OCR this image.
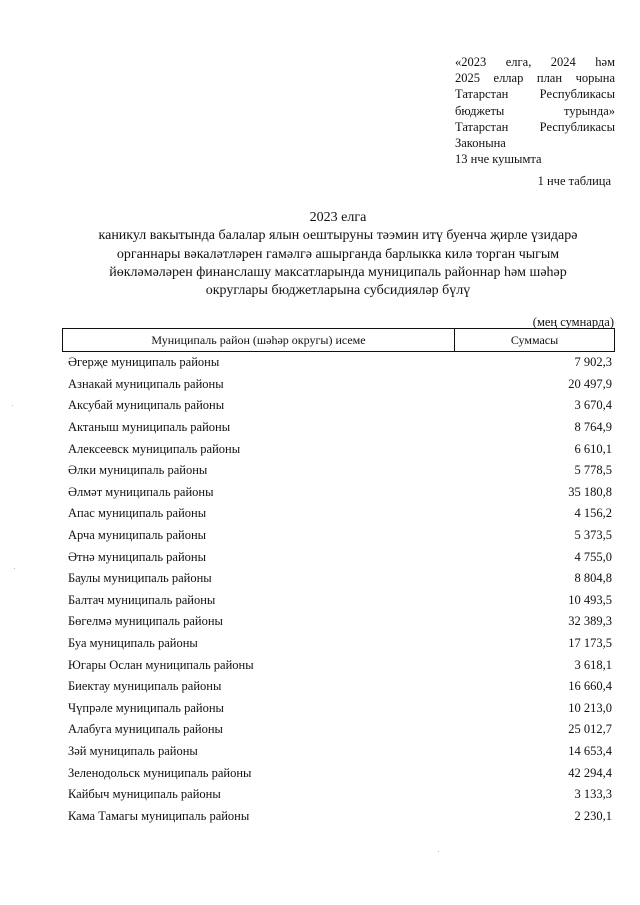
«2023 елга, 2024 һәм
2025 еллар план чорына
Татарстан Республикасы
бюджеты турында»
Татарстан Республикасы
Законына
13 нче кушымта
1 нче таблица
2023 елга
каникул вакытында балалар ялын оештыруны тәэмин итү буенча җирле үзидарә
органнары вәкаләтләрен гамәлгә ашырганда барлыкка килә торган чыгым
йөкләмәләрен финанслашу максатларында муниципаль районнар һәм шәһәр
округлары бюджетларына субсидияләр бүлү
(мең сумнарда)
Муниципаль район (шәһәр округы) исеме	Суммасы
Әгерҗе муниципаль районы	7 902,3
Азнакай муниципаль районы	20 497,9
Аксубай муниципаль районы	3 670,4
Актаныш муниципаль районы	8 764,9
Алексеевск муниципаль районы	6 610,1
Әлки муниципаль районы	5 778,5
Әлмәт муниципаль районы	35 180,8
Апас муниципаль районы	4 156,2
Арча муниципаль районы	5 373,5
Әтнә муниципаль районы	4 755,0
Баулы муниципаль районы	8 804,8
Балтач муниципаль районы	10 493,5
Бөгелмә муниципаль районы	32 389,3
Буа муниципаль районы	17 173,5
Югары Ослан муниципаль районы	3 618,1
Биектау муниципаль районы	16 660,4
Чүпрәле муниципаль районы	10 213,0
Алабуга муниципаль районы	25 012,7
Зәй муниципаль районы	14 653,4
Зеленодольск муниципаль районы	42 294,4
Кайбыч муниципаль районы	3 133,3
Кама Тамагы муниципаль районы	2 230,1
